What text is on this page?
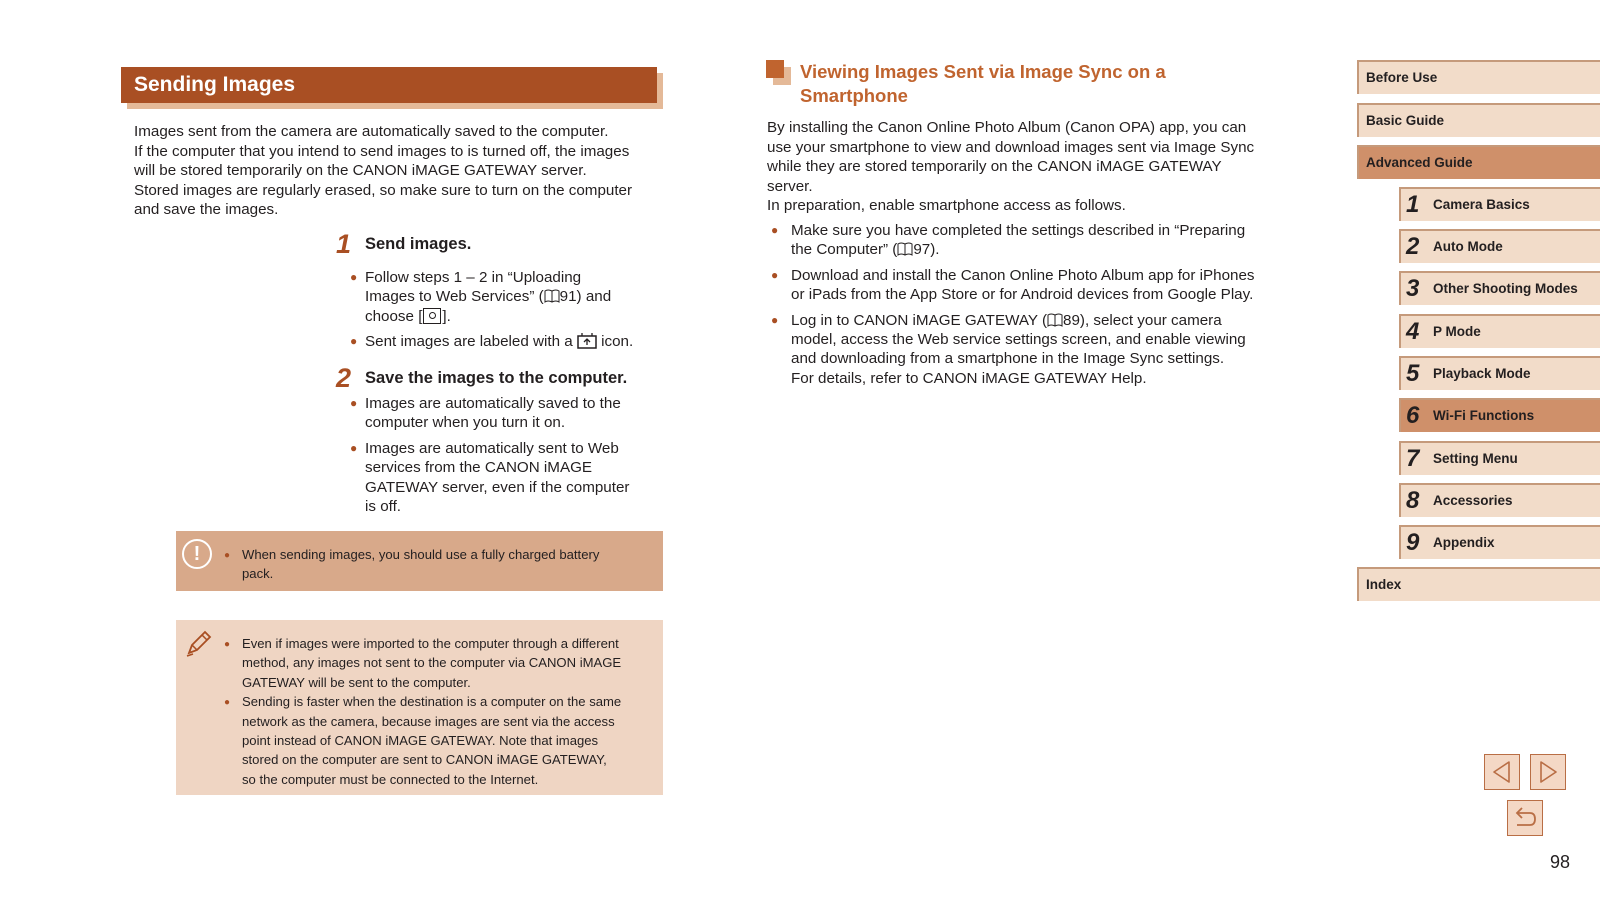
Sending Images
Images sent from the camera are automatically saved to the computer.
If the computer that you intend to send images to is turned off, the images
will be stored temporarily on the CANON iMAGE GATEWAY server.
Stored images are regularly erased, so make sure to turn on the computer
and save the images.
1 Send images.
● Follow steps 1 – 2 in “Uploading
Images to Web Services” ( 91) and
choose [ ].
● Sent images are labeled with a  icon.
2 Save the images to the computer.
● Images are automatically saved to the
computer when you turn it on.
● Images are automatically sent to Web
services from the CANON iMAGE
GATEWAY server, even if the computer
is off.
!	● When sending images, you should use a fully charged battery
pack.
● Even if images were imported to the computer through a different
method, any images not sent to the computer via CANON iMAGE
GATEWAY will be sent to the computer.
● Sending is faster when the destination is a computer on the same
network as the camera, because images are sent via the access
point instead of CANON iMAGE GATEWAY. Note that images
stored on the computer are sent to CANON iMAGE GATEWAY,
so the computer must be connected to the Internet.
Viewing Images Sent via Image Sync on a
Smartphone
By installing the Canon Online Photo Album (Canon OPA) app, you can
use your smartphone to view and download images sent via Image Sync
while they are stored temporarily on the CANON iMAGE GATEWAY
server.
In preparation, enable smartphone access as follows.
● Make sure you have completed the settings described in “Preparing
the Computer” ( 97).
● Download and install the Canon Online Photo Album app for iPhones
or iPads from the App Store or for Android devices from Google Play.
● Log in to CANON iMAGE GATEWAY ( 89), select your camera
model, access the Web service settings screen, and enable viewing
and downloading from a smartphone in the Image Sync settings.
For details, refer to CANON iMAGE GATEWAY Help.
Before Use
Basic Guide
Advanced Guide
1 Camera Basics
2 Auto Mode
3 Other Shooting Modes
4 P Mode
5 Playback Mode
6 Wi-Fi Functions
7 Setting Menu
8 Accessories
9 Appendix
Index
98
